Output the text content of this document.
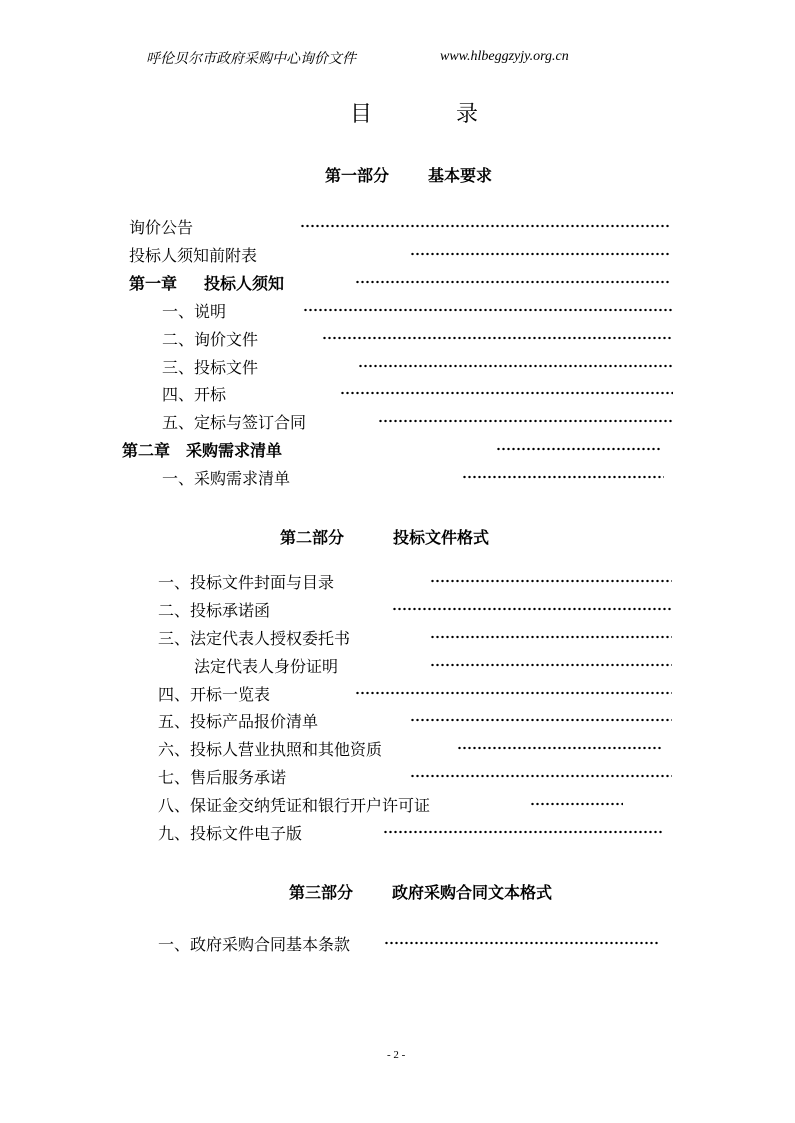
呼伦贝尔市政府采购中心询价文件	www.hlbeggzyjy.org.cn
目	录
第一部分 基本要求
询价公告
投标人须知前附表
第一章 投标人须知
一、说明
二、询价文件
三、投标文件
四、开标
五、定标与签订合同
第二章 采购需求清单
一、采购需求清单
第二部分	投标文件格式
一、投标文件封面与目录
二、投标承诺函
三、法定代表人授权委托书
法定代表人身份证明
四、开标一览表
五、投标产品报价清单
六、投标人营业执照和其他资质
七、售后服务承诺
八、保证金交纳凭证和银行开户许可证
九、投标文件电子版
第三部分 政府采购合同文本格式
一、政府采购合同基本条款
- 2 -
